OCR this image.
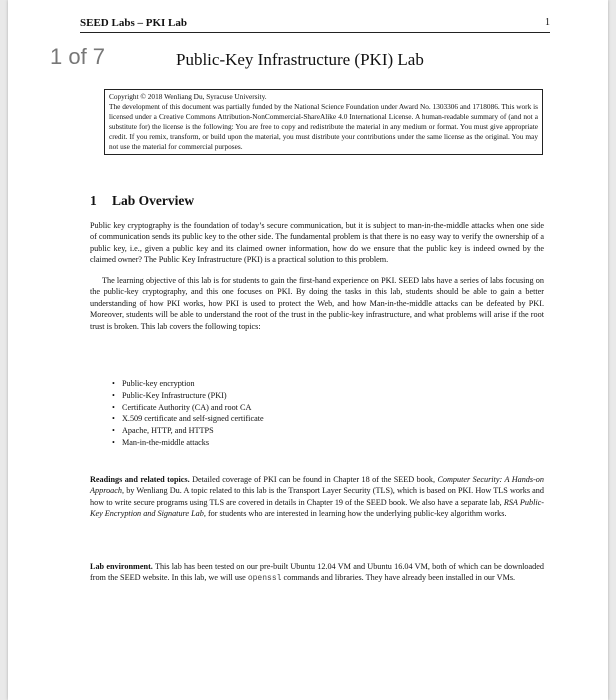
SEED Labs – PKI Lab	1
Public-Key Infrastructure (PKI) Lab
Copyright © 2018 Wenliang Du, Syracuse University.
The development of this document was partially funded by the National Science Foundation under Award No. 1303306 and 1718086. This work is licensed under a Creative Commons Attribution-NonCommercial-ShareAlike 4.0 International License. A human-readable summary of (and not a substitute for) the license is the following: You are free to copy and redistribute the material in any medium or format. You must give appropriate credit. If you remix, transform, or build upon the material, you must distribute your contributions under the same license as the original. You may not use the material for commercial purposes.
1 Lab Overview

Public key cryptography is the foundation of today’s secure communication, but it is subject to man-in-the-middle attacks when one side of communication sends its public key to the other side. The fundamental problem is that there is no easy way to verify the ownership of a public key, i.e., given a public key and its claimed owner information, how do we ensure that the public key is indeed owned by the claimed owner? The Public Key Infrastructure (PKI) is a practical solution to this problem.

The learning objective of this lab is for students to gain the first-hand experience on PKI. SEED labs have a series of labs focusing on the public-key cryptography, and this one focuses on PKI. By doing the tasks in this lab, students should be able to gain a better understanding of how PKI works, how PKI is used to protect the Web, and how Man-in-the-middle attacks can be defeated by PKI. Moreover, students will be able to understand the root of the trust in the public-key infrastructure, and what problems will arise if the root trust is broken. This lab covers the following topics:

• Public-key encryption
• Public-Key Infrastructure (PKI)
• Certificate Authority (CA) and root CA
• X.509 certificate and self-signed certificate
• Apache, HTTP, and HTTPS
• Man-in-the-middle attacks

Readings and related topics. Detailed coverage of PKI can be found in Chapter 18 of the SEED book, Computer Security: A Hands-on Approach, by Wenliang Du. A topic related to this lab is the Transport Layer Security (TLS), which is based on PKI. How TLS works and how to write secure programs using TLS are covered in details in Chapter 19 of the SEED book. We also have a separate lab, RSA Public-Key Encryption and Signature Lab, for students who are interested in learning how the underlying public-key algorithm works.

Lab environment. This lab has been tested on our pre-built Ubuntu 12.04 VM and Ubuntu 16.04 VM, both of which can be downloaded from the SEED website. In this lab, we will use openssl commands and libraries. They have already been installed in our VMs.

1 of 7
